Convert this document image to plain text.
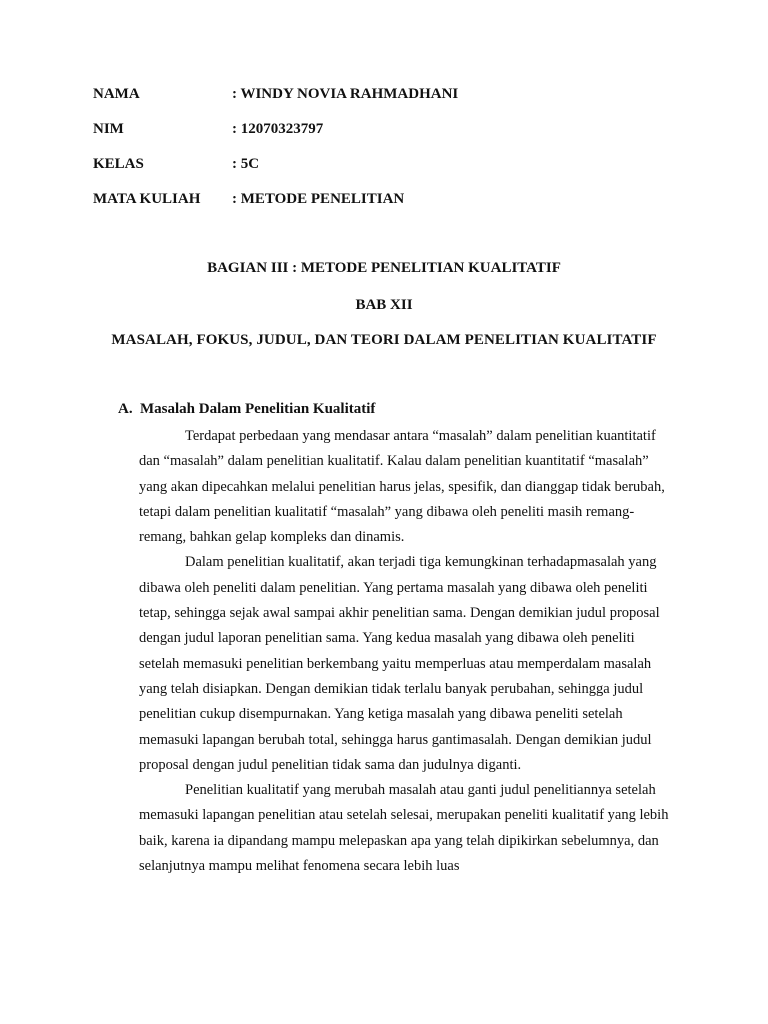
NAMA	: WINDY NOVIA RAHMADHANI
NIM	: 12070323797
KELAS	: 5C
MATA KULIAH : METODE PENELITIAN
BAGIAN III : METODE PENELITIAN KUALITATIF
BAB XII
MASALAH, FOKUS, JUDUL, DAN TEORI DALAM PENELITIAN KUALITATIF
A. Masalah Dalam Penelitian Kualitatif

Terdapat perbedaan yang mendasar antara “masalah” dalam penelitian kuantitatif dan “masalah” dalam penelitian kualitatif. Kalau dalam penelitian kuantitatif “masalah” yang akan dipecahkan melalui penelitian harus jelas, spesifik, dan dianggap tidak berubah, tetapi dalam penelitian kualitatif “masalah” yang dibawa oleh peneliti masih remang-remang, bahkan gelap kompleks dan dinamis.

Dalam penelitian kualitatif, akan terjadi tiga kemungkinan terhadapmasalah yang dibawa oleh peneliti dalam penelitian. Yang pertama masalah yang dibawa oleh peneliti tetap, sehingga sejak awal sampai akhir penelitian sama. Dengan demikian judul proposal dengan judul laporan penelitian sama. Yang kedua masalah yang dibawa oleh peneliti setelah memasuki penelitian berkembang yaitu memperluas atau memperdalam masalah yang telah disiapkan. Dengan demikian tidak terlalu banyak perubahan, sehingga judul penelitian cukup disempurnakan. Yang ketiga masalah yang dibawa peneliti setelah memasuki lapangan berubah total, sehingga harus gantimasalah. Dengan demikian judul proposal dengan judul penelitian tidak sama dan judulnya diganti.

Penelitian kualitatif yang merubah masalah atau ganti judul penelitiannya setelah memasuki lapangan penelitian atau setelah selesai, merupakan peneliti kualitatif yang lebih baik, karena ia dipandang mampu melepaskan apa yang telah dipikirkan sebelumnya, dan selanjutnya mampu melihat fenomena secara lebih luas
